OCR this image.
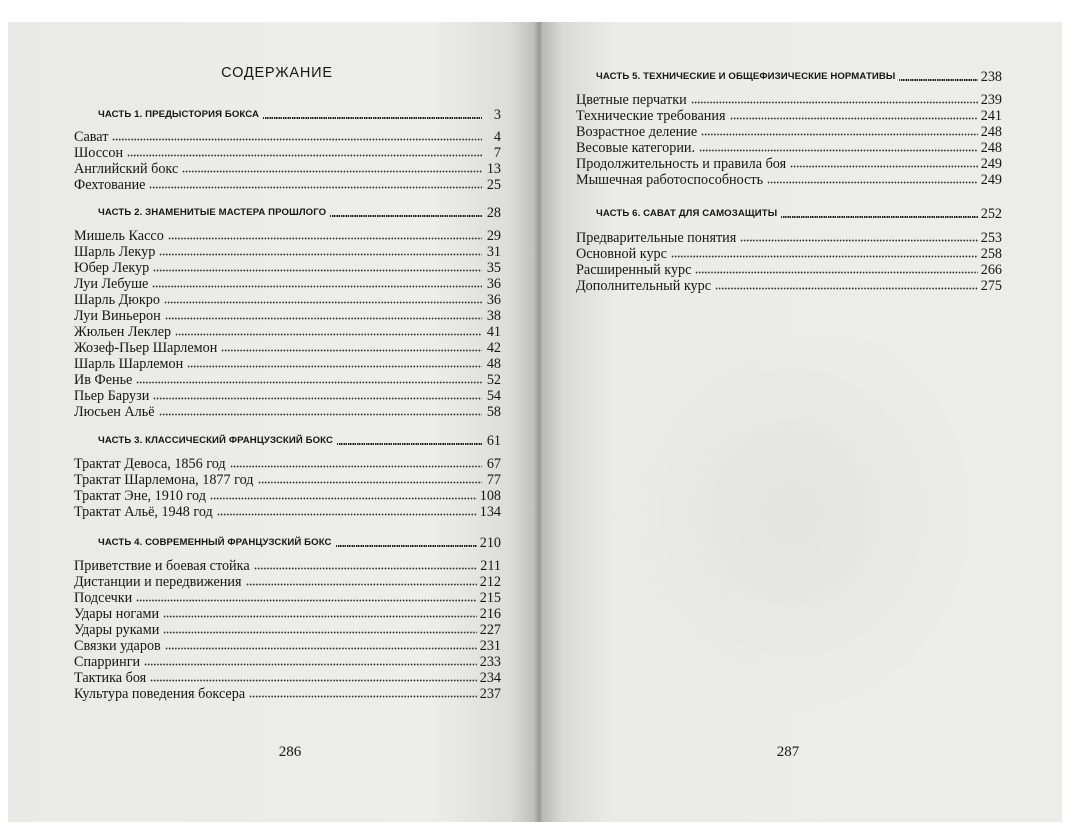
СОДЕРЖАНИЕ
ЧАСТЬ 1. ПРЕДЫСТОРИЯ БОКСА	3
Сават	4
Шоссон	7
Английский бокс	13
Фехтование	25
ЧАСТЬ 2. ЗНАМЕНИТЫЕ МАСТЕРА ПРОШЛОГО	28
Мишель Кассо	29
Шарль Лекур	31
Юбер Лекур	35
Луи Лебуше	36
Шарль Дюкро	36
Луи Виньерон	38
Жюльен Леклер	41
Жозеф-Пьер Шарлемон	42
Шарль Шарлемон	48
Ив Фенье	52
Пьер Барузи	54
Люсьен Альё	58
ЧАСТЬ 3. КЛАССИЧЕСКИЙ ФРАНЦУЗСКИЙ БОКС	61
Трактат Девоса, 1856 год	67
Трактат Шарлемона, 1877 год	77
Трактат Эне, 1910 год	108
Трактат Альё, 1948 год	134
ЧАСТЬ 4. СОВРЕМЕННЫЙ ФРАНЦУЗСКИЙ БОКС	210
Приветствие и боевая стойка	211
Дистанции и передвижения	212
Подсечки	215
Удары ногами	216
Удары руками	227
Связки ударов	231
Спарринги	233
Тактика боя	234
Культура поведения боксера	237
286
ЧАСТЬ 5. ТЕХНИЧЕСКИЕ И ОБЩЕФИЗИЧЕСКИЕ НОРМАТИВЫ	238
Цветные перчатки	239
Технические требования	241
Возрастное деление	248
Весовые категории.	248
Продолжительность и правила боя	249
Мышечная работоспособность	249
ЧАСТЬ 6. САВАТ ДЛЯ САМОЗАЩИТЫ	252
Предварительные понятия	253
Основной курс	258
Расширенный курс	266
Дополнительный курс	275
287
